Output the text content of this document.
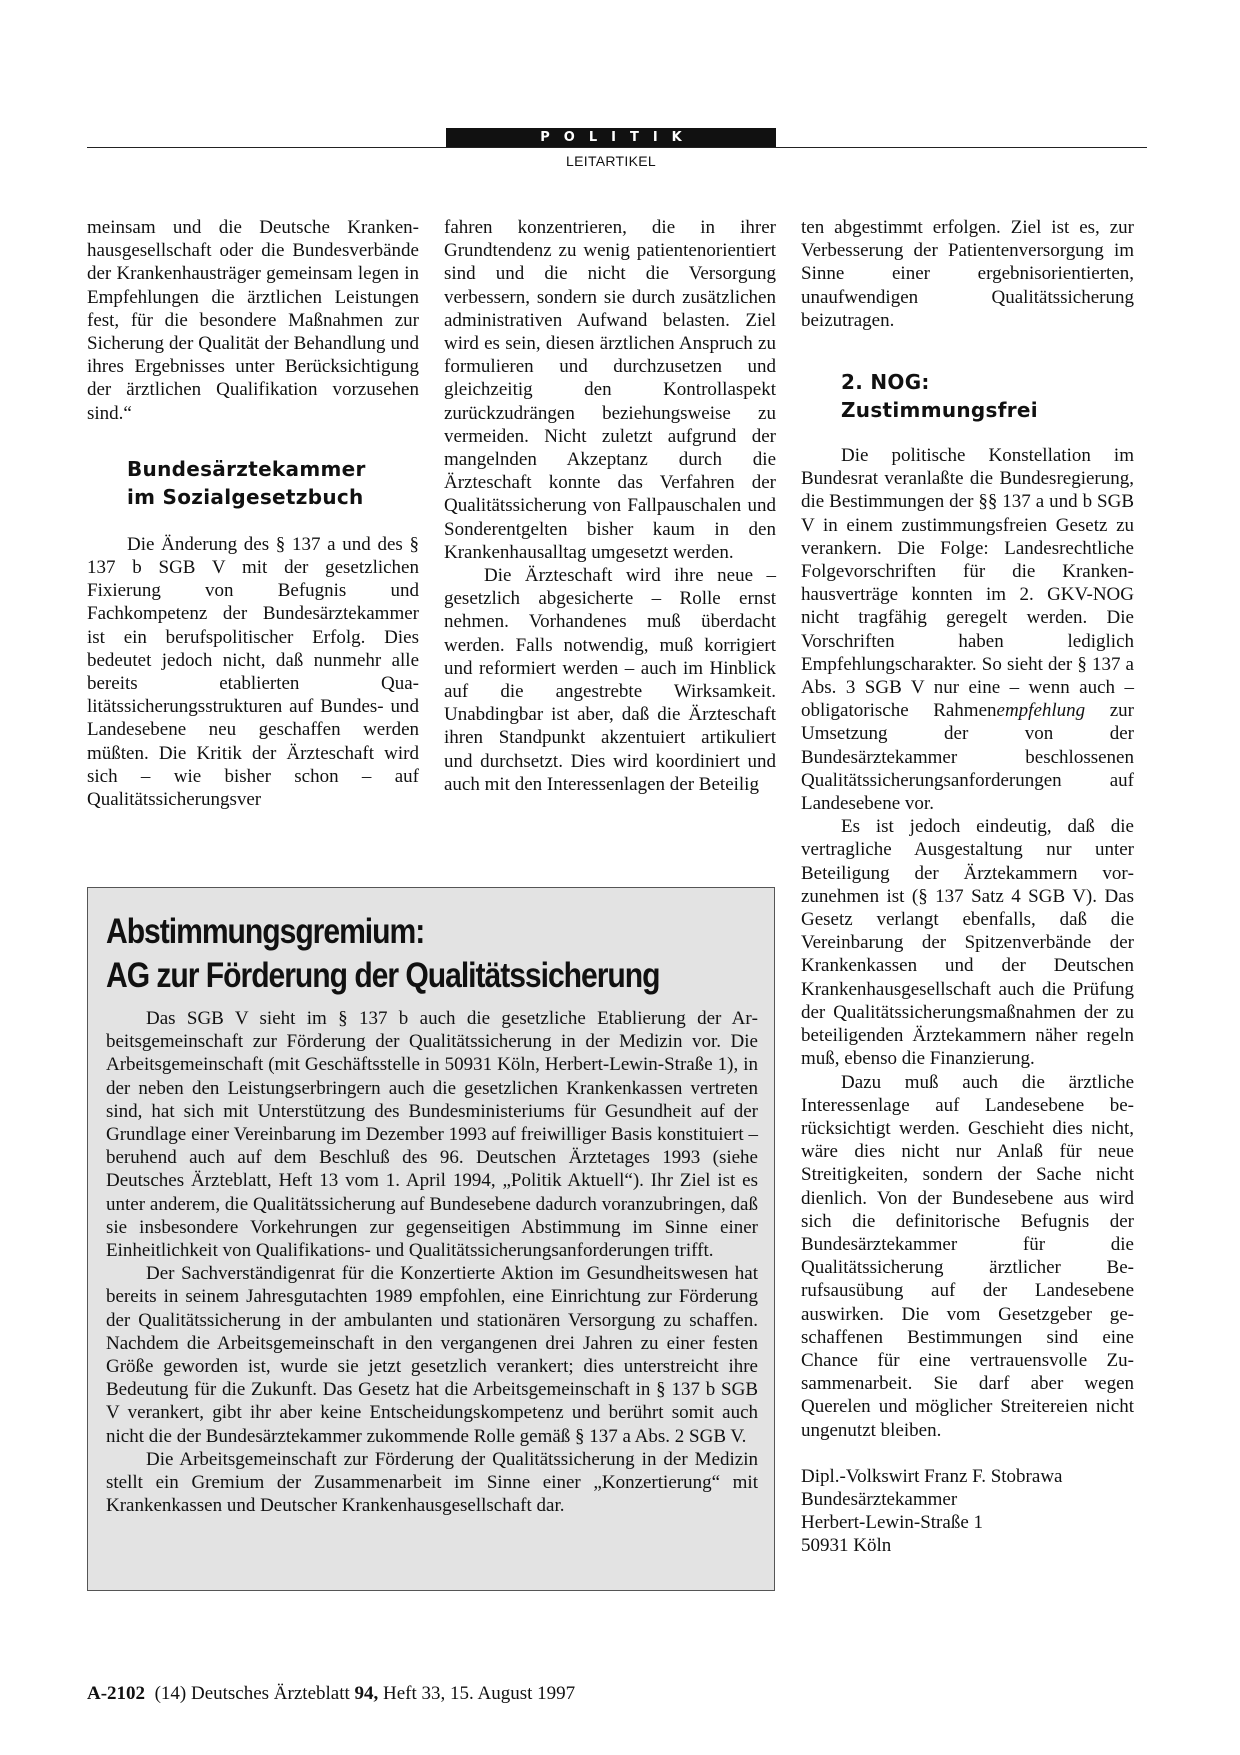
POLITIK
LEITARTIKEL

meinsam und die Deutsche Krankenhausgesellschaft oder die Bundesverbände der Krankenhausträger gemeinsam legen in Empfehlungen die ärztlichen Leistungen fest, für die besondere Maßnahmen zur Sicherung der Qualität der Behandlung und ihres Ergebnisses unter Berücksichtigung der ärztlichen Qualifikation vorzusehen sind.“

Bundesärztekammer
im Sozialgesetzbuch

Die Änderung des § 137 a und des § 137 b SGB V mit der gesetzlichen Fixierung von Befugnis und Fachkompetenz der Bundesärztekammer ist ein berufspolitischer Erfolg. Dies bedeutet jedoch nicht, daß nunmehr alle bereits etablierten Qualitätssicherungsstrukturen auf Bundes- und Landesebene neu geschaffen werden müßten. Die Kritik der Ärzteschaft wird sich – wie bisher schon – auf Qualitätssicherungsver

fahren konzentrieren, die in ihrer Grundtendenz zu wenig patientenorientiert sind und die nicht die Versorgung verbessern, sondern sie durch zusätzlichen administrativen Aufwand belasten. Ziel wird es sein, diesen ärztlichen Anspruch zu formulieren und durchzusetzen und gleichzeitig den Kontrollaspekt zurückzudrängen beziehungsweise zu vermeiden. Nicht zuletzt aufgrund der mangelnden Akzeptanz durch die Ärzteschaft konnte das Verfahren der Qualitätssicherung von Fallpauschalen und Sonderentgelten bisher kaum in den Krankenhausalltag umgesetzt werden.

Die Ärzteschaft wird ihre neue – gesetzlich abgesicherte – Rolle ernst nehmen. Vorhandenes muß überdacht werden. Falls notwendig, muß korrigiert und reformiert werden – auch im Hinblick auf die angestrebte Wirksamkeit. Unabdingbar ist aber, daß die Ärzteschaft ihren Standpunkt akzentuiert artikuliert und durchsetzt. Dies wird koordiniert und auch mit den Interessenlagen der Beteilig

ten abgestimmt erfolgen. Ziel ist es, zur Verbesserung der Patientenversorgung im Sinne einer ergebnisorientierten, unaufwendigen Qualitätssicherung beizutragen.

2. NOG:
Zustimmungsfrei

Die politische Konstellation im Bundesrat veranlaßte die Bundesregierung, die Bestimmungen der §§ 137 a und b SGB V in einem zustimmungsfreien Gesetz zu verankern. Die Folge: Landesrechtliche Folgevorschriften für die Krankenhausverträge konnten im 2. GKV-NOG nicht tragfähig geregelt werden. Die Vorschriften haben lediglich Empfehlungscharakter. So sieht der § 137 a Abs. 3 SGB V nur eine – wenn auch – obligatorische Rahmenempfehlung zur Umsetzung der von der Bundesärztekammer beschlossenen Qualitätssicherungsanforderungen auf Landesebene vor.

Es ist jedoch eindeutig, daß die vertragliche Ausgestaltung nur unter Beteiligung der Ärztekammern vorzunehmen ist (§ 137 Satz 4 SGB V). Das Gesetz verlangt ebenfalls, daß die Vereinbarung der Spitzenverbände der Krankenkassen und der Deutschen Krankenhausgesellschaft auch die Prüfung der Qualitätssicherungsmaßnahmen der zu beteiligenden Ärztekammern näher regeln muß, ebenso die Finanzierung.

Dazu muß auch die ärztliche Interessenlage auf Landesebene berücksichtigt werden. Geschieht dies nicht, wäre dies nicht nur Anlaß für neue Streitigkeiten, sondern der Sache nicht dienlich. Von der Bundesebene aus wird sich die definitorische Befugnis der Bundesärztekammer für die Qualitätssicherung ärztlicher Berufsausübung auf der Landesebene auswirken. Die vom Gesetzgeber geschaffenen Bestimmungen sind eine Chance für eine vertrauensvolle Zusammenarbeit. Sie darf aber wegen Querelen und möglicher Streitereien nicht ungenutzt bleiben.

Dipl.-Volkswirt Franz F. Stobrawa
Bundesärztekammer
Herbert-Lewin-Straße 1
50931 Köln

Abstimmungsgremium:
AG zur Förderung der Qualitätssicherung

Das SGB V sieht im § 137 b auch die gesetzliche Etablierung der Arbeitsgemeinschaft zur Förderung der Qualitätssicherung in der Medizin vor. Die Arbeitsgemeinschaft (mit Geschäftsstelle in 50931 Köln, Herbert-Lewin-Straße 1), in der neben den Leistungserbringern auch die gesetzlichen Krankenkassen vertreten sind, hat sich mit Unterstützung des Bundesministeriums für Gesundheit auf der Grundlage einer Vereinbarung im Dezember 1993 auf freiwilliger Basis konstituiert – beruhend auch auf dem Beschluß des 96. Deutschen Ärztetages 1993 (siehe Deutsches Ärzteblatt, Heft 13 vom 1. April 1994, „Politik Aktuell“). Ihr Ziel ist es unter anderem, die Qualitätssicherung auf Bundesebene dadurch voranzubringen, daß sie insbesondere Vorkehrungen zur gegenseitigen Abstimmung im Sinne einer Einheitlichkeit von Qualifikations- und Qualitätssicherungsanforderungen trifft.

Der Sachverständigenrat für die Konzertierte Aktion im Gesundheitswesen hat bereits in seinem Jahresgutachten 1989 empfohlen, eine Einrichtung zur Förderung der Qualitätssicherung in der ambulanten und stationären Versorgung zu schaffen. Nachdem die Arbeitsgemeinschaft in den vergangenen drei Jahren zu einer festen Größe geworden ist, wurde sie jetzt gesetzlich verankert; dies unterstreicht ihre Bedeutung für die Zukunft. Das Gesetz hat die Arbeitsgemeinschaft in § 137 b SGB V verankert, gibt ihr aber keine Entscheidungskompetenz und berührt somit auch nicht die der Bundesärztekammer zukommende Rolle gemäß § 137 a Abs. 2 SGB V.

Die Arbeitsgemeinschaft zur Förderung der Qualitätssicherung in der Medizin stellt ein Gremium der Zusammenarbeit im Sinne einer „Konzertierung“ mit Krankenkassen und Deutscher Krankenhausgesellschaft dar.

A-2102 (14) Deutsches Ärzteblatt 94, Heft 33, 15. August 1997
